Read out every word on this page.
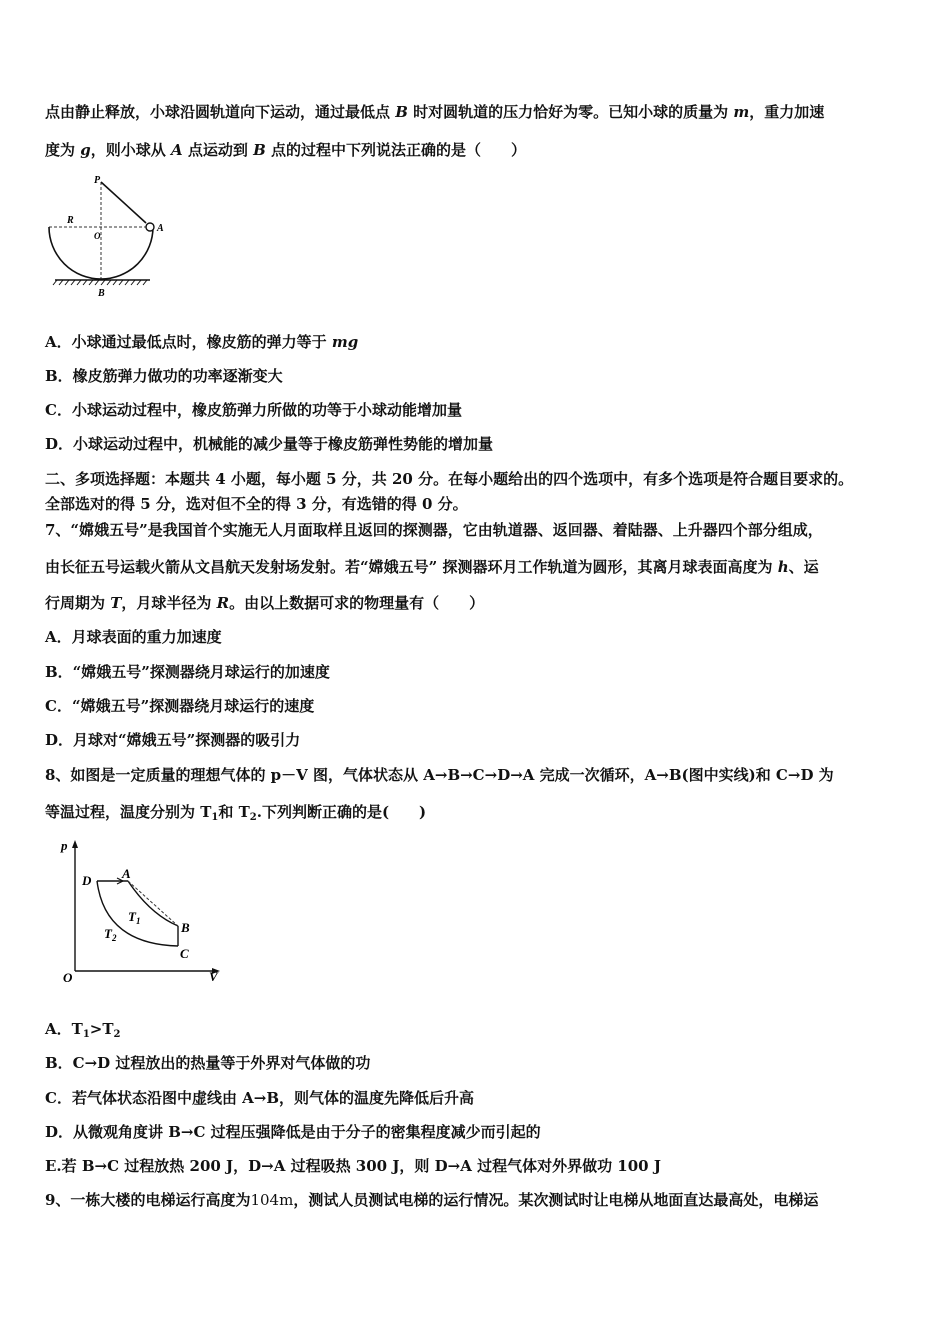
点由静止释放，小球沿圆轨道向下运动，通过最低点 B 时对圆轨道的压力恰好为零。已知小球的质量为 m，重力加速
度为 g，则小球从 A 点运动到 B 点的过程中下列说法正确的是（　　）
P
R
O
A
B
A．小球通过最低点时，橡皮筋的弹力等于 mg
B．橡皮筋弹力做功的功率逐渐变大
C．小球运动过程中，橡皮筋弹力所做的功等于小球动能增加量
D．小球运动过程中，机械能的减少量等于橡皮筋弹性势能的增加量
二、多项选择题：本题共 4 小题，每小题 5 分，共 20 分。在每小题给出的四个选项中，有多个选项是符合题目要求的。
全部选对的得 5 分，选对但不全的得 3 分，有选错的得 0 分。
7、“嫦娥五号”是我国首个实施无人月面取样且返回的探测器，它由轨道器、返回器、着陆器、上升器四个部分组成，
由长征五号运载火箭从文昌航天发射场发射。若“嫦娥五号” 探测器环月工作轨道为圆形，其离月球表面高度为 h、运
行周期为 T，月球半径为 R。由以上数据可求的物理量有（　　）
A．月球表面的重力加速度
B．“嫦娥五号”探测器绕月球运行的加速度
C．“嫦娥五号”探测器绕月球运行的速度
D．月球对“嫦娥五号”探测器的吸引力
8、如图是一定质量的理想气体的 p－V 图，气体状态从 A→B→C→D→A 完成一次循环，A→B(图中实线)和 C→D 为
等温过程，温度分别为 $T_1$和 $T_2$.下列判断正确的是(　　)
D A
B
C
$T_1$
$T_2$
p
V
O
A．$T_1>T_2$
B．C→D 过程放出的热量等于外界对气体做的功
C．若气体状态沿图中虚线由 A→B，则气体的温度先降低后升高
D．从微观角度讲 B→C 过程压强降低是由于分子的密集程度减少而引起的
E.若 B→C 过程放热 200 J，D→A 过程吸热 300 J，则 D→A 过程气体对外界做功 100 J
9、一栋大楼的电梯运行高度为104m，测试人员测试电梯的运行情况。某次测试时让电梯从地面直达最高处，电梯运
